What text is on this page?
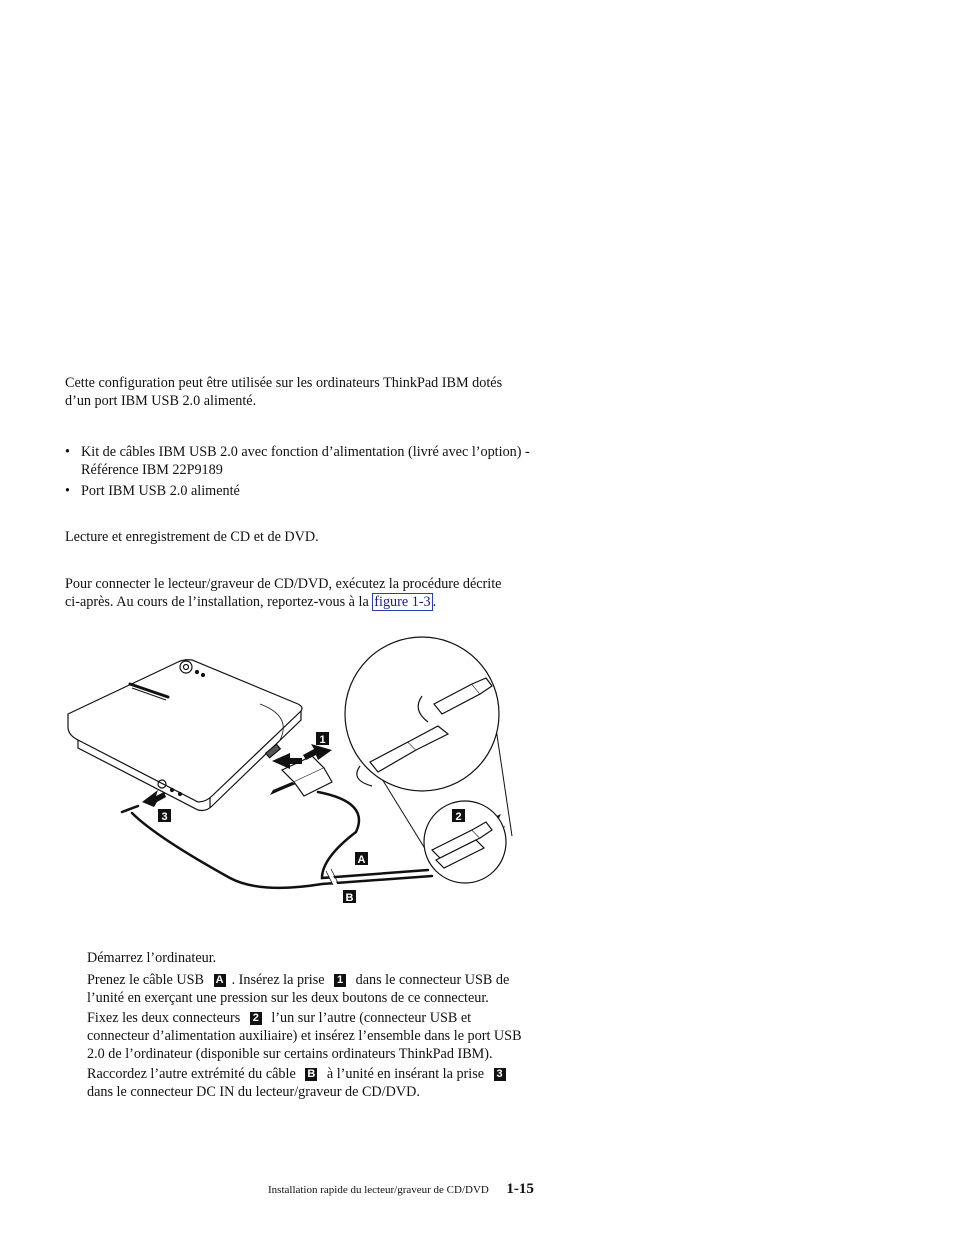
Cette configuration peut être utilisée sur les ordinateurs ThinkPad IBM dotés

d’un port IBM USB 2.0 alimenté.

• Kit de câbles IBM USB 2.0 avec fonction d’alimentation (livré avec l’option) -

Référence IBM 22P9189

• Port IBM USB 2.0 alimenté

Lecture et enregistrement de CD et de DVD.

Pour connecter le lecteur/graveur de CD/DVD, exécutez la procédure décrite

ci-après. Au cours de l’installation, reportez-vous à la figure 1-3 .

1
2
3
A
B

Démarrez l’ordinateur.

Prenez le câble USB A . Insérez la prise 1 dans le connecteur USB de

l’unité en exerçant une pression sur les deux boutons de ce connecteur.

Fixez les deux connecteurs 2 l’un sur l’autre (connecteur USB et

connecteur d’alimentation auxiliaire) et insérez l’ensemble dans le port USB

2.0 de l’ordinateur (disponible sur certains ordinateurs ThinkPad IBM).

Raccordez l’autre extrémité du câble B à l’unité en insérant la prise 3

dans le connecteur DC IN du lecteur/graveur de CD/DVD.

Installation rapide du lecteur/graveur de CD/DVD 1-15
